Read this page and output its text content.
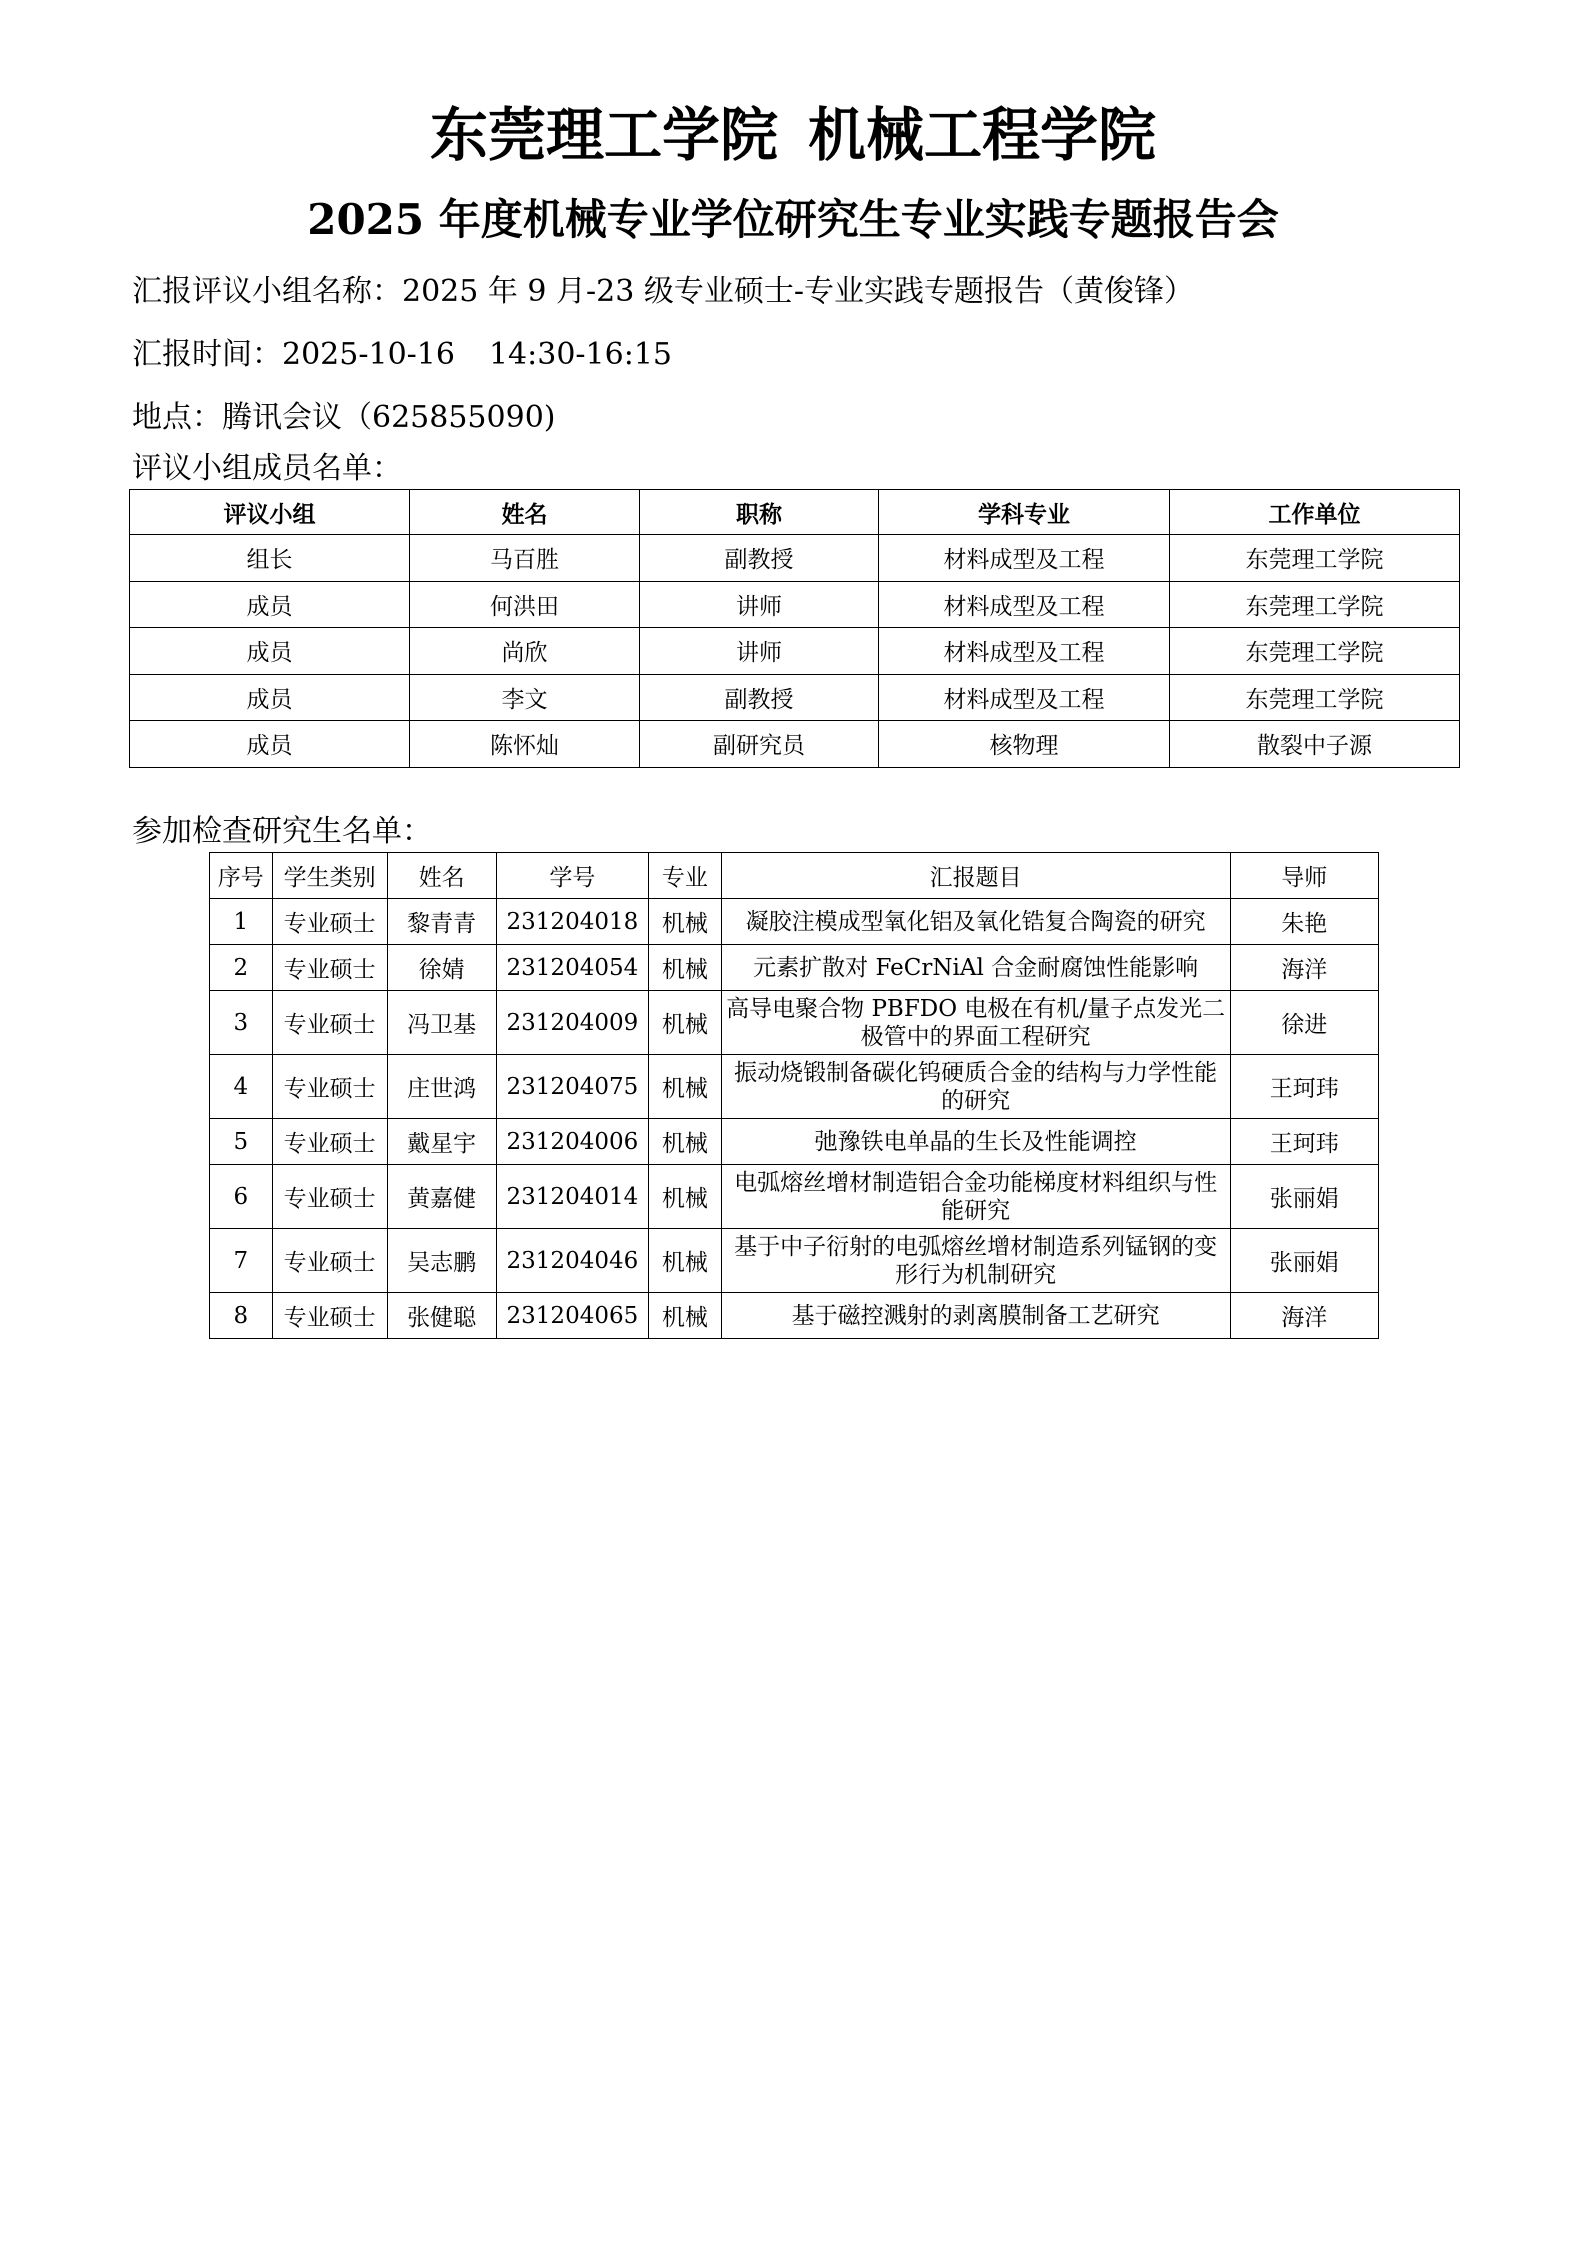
东莞理工学院 机械工程学院
2025 年度机械专业学位研究生专业实践专题报告会
汇报评议小组名称：2025 年 9 月-23 级专业硕士-专业实践专题报告（黄俊锋）
汇报时间：2025-10-16 14:30-16:15
地点：腾讯会议（625855090)
评议小组成员名单：
评议小组	姓名	职称	学科专业	工作单位
组长	马百胜	副教授	材料成型及工程	东莞理工学院
成员	何洪田	讲师	材料成型及工程	东莞理工学院
成员	尚欣	讲师	材料成型及工程	东莞理工学院
成员	李文	副教授	材料成型及工程	东莞理工学院
成员	陈怀灿	副研究员	核物理	散裂中子源
参加检查研究生名单：
序号	学生类别	姓名	学号	专业	汇报题目	导师
1	专业硕士	黎青青	231204018	机械	凝胶注模成型氧化铝及氧化锆复合陶瓷的研究	朱艳
2	专业硕士	徐婧	231204054	机械	元素扩散对 FeCrNiAl 合金耐腐蚀性能影响	海洋
3	专业硕士	冯卫基	231204009	机械	高导电聚合物 PBFDO 电极在有机/量子点发光二极管中的界面工程研究	徐进
4	专业硕士	庄世鸿	231204075	机械	振动烧锻制备碳化钨硬质合金的结构与力学性能的研究	王珂玮
5	专业硕士	戴星宇	231204006	机械	弛豫铁电单晶的生长及性能调控	王珂玮
6	专业硕士	黄嘉健	231204014	机械	电弧熔丝增材制造铝合金功能梯度材料组织与性能研究	张丽娟
7	专业硕士	吴志鹏	231204046	机械	基于中子衍射的电弧熔丝增材制造系列锰钢的变形行为机制研究	张丽娟
8	专业硕士	张健聪	231204065	机械	基于磁控溅射的剥离膜制备工艺研究	海洋
